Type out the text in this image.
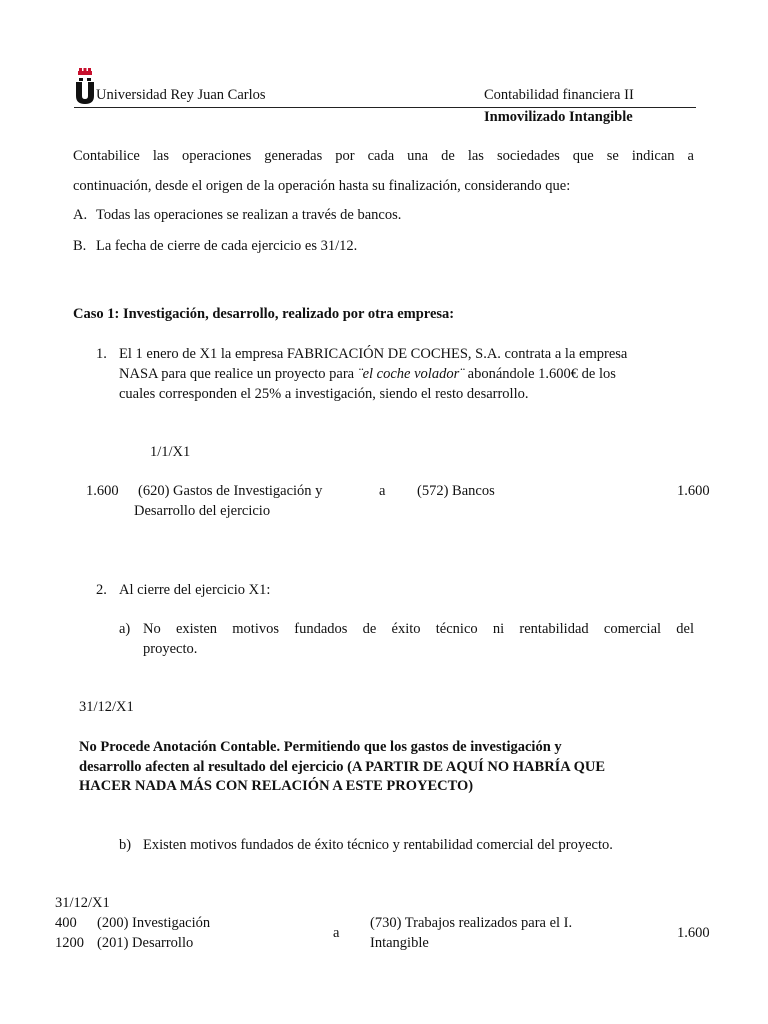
Universidad Rey Juan Carlos	Contabilidad financiera II
Inmovilizado Intangible
Contabilice las operaciones generadas por cada una de las sociedades que se indican a
continuación, desde el origen de la operación hasta su finalización, considerando que:
A. Todas las operaciones se realizan a través de bancos.
B. La fecha de cierre de cada ejercicio es 31/12.
Caso 1: Investigación, desarrollo, realizado por otra empresa:
1. El 1 enero de X1 la empresa FABRICACIÓN DE COCHES, S.A. contrata a la empresa
NASA para que realice un proyecto para ¨el coche volador¨ abonándole 1.600€ de los
cuales corresponden el 25% a investigación, siendo el resto desarrollo.
1/1/X1
1.600 (620) Gastos de Investigación y
Desarrollo del ejercicio
a (572) Bancos	1.600
2. Al cierre del ejercicio X1:
a) No existen motivos fundados de éxito técnico ni rentabilidad comercial del
proyecto.
31/12/X1
No Procede Anotación Contable. Permitiendo que los gastos de investigación y
desarrollo afecten al resultado del ejercicio (A PARTIR DE AQUÍ NO HABRÍA QUE
HACER NADA MÁS CON RELACIÓN A ESTE PROYECTO)
b) Existen motivos fundados de éxito técnico y rentabilidad comercial del proyecto.
31/12/X1
400 (200) Investigación
1200 (201) Desarrollo
a
(730) Trabajos realizados para el I.
Intangible
1.600
